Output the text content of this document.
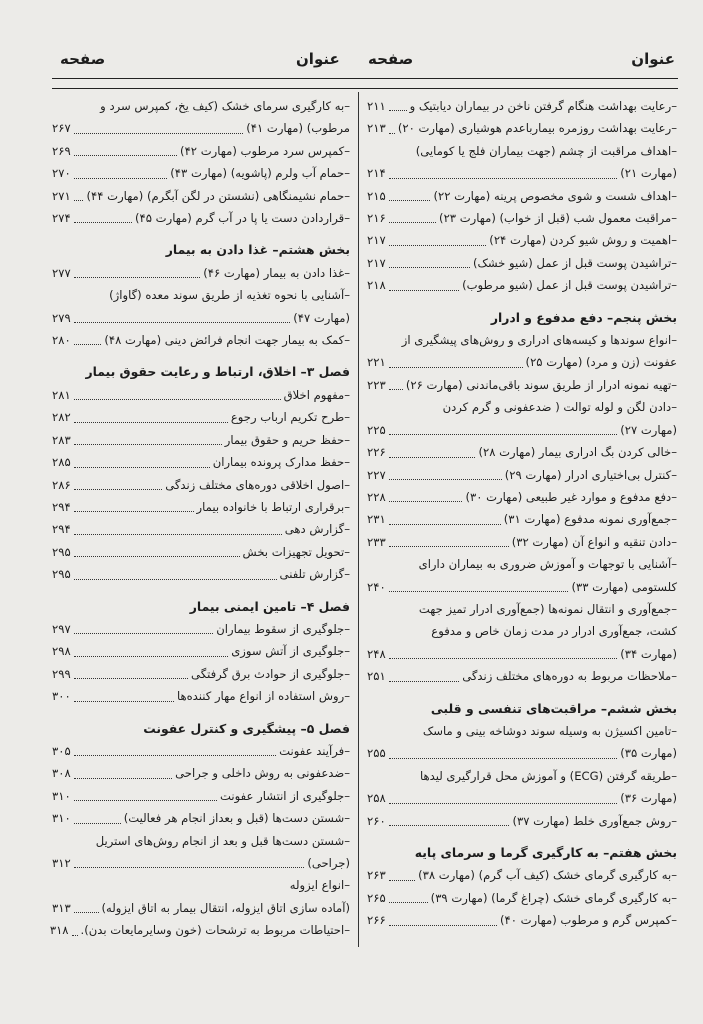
عنوان
صفحه
عنوان
صفحه
–رعایت بهداشت هنگام گرفتن ناخن در بیماران دیابتیک و
۲۱۱
–رعایت بهداشت روزمره بیمارباعدم هوشیاری (مهارت ۲۰)
۲۱۳
–اهداف مراقبت از چشم (جهت بیماران فلج یا کومایی)
(مهارت ۲۱)
۲۱۴
–اهداف شست و شوی مخصوص پرینه (مهارت ۲۲)
۲۱۵
–مراقبت معمول شب (قبل از خواب) (مهارت ۲۳)
۲۱۶
–اهمیت و روش شیو کردن (مهارت ۲۴)
۲۱۷
–تراشیدن پوست قبل از عمل (شیو خشک)
۲۱۷
–تراشیدن پوست قبل از عمل (شیو مرطوب)
۲۱۸
بخش پنجم– دفع مدفوع و ادرار
–انواع سوندها و کیسه‌های ادراری و روش‌های پیشگیری از
عفونت (زن و مرد) (مهارت ۲۵)
۲۲۱
–تهیه نمونه ادرار از طریق سوند باقی‌ماندنی (مهارت ۲۶)
۲۲۳
–دادن لگن و لوله توالت ( ضدعفونی و گرم کردن
(مهارت ۲۷)
۲۲۵
–خالی کردن بگ ادراری بیمار (مهارت ۲۸)
۲۲۶
–کنترل بی‌اختیاری ادرار (مهارت ۲۹)
۲۲۷
–دفع مدفوع و موارد غیر طبیعی (مهارت ۳۰)
۲۲۸
–جمع‌آوری نمونه مدفوع (مهارت ۳۱)
۲۳۱
–دادن تنقیه و انواع آن (مهارت ۳۲)
۲۳۳
–آشنایی با توجهات و آموزش ضروری به بیماران دارای
کلستومی (مهارت ۳۳)
۲۴۰
–جمع‌آوری و انتقال نمونه‌ها (جمع‌آوری ادرار تمیز جهت
کشت، جمع‌آوری ادرار در مدت زمان خاص و مدفوع
(مهارت ۳۴)
۲۴۸
–ملاحظات مربوط به دوره‌های مختلف زندگی
۲۵۱
بخش ششم– مراقبت‌های تنفسی و قلبی
–تامین اکسیژن به وسیله سوند دوشاخه بینی و ماسک
(مهارت ۳۵)
۲۵۵
–طریقه گرفتن (ECG) و آموزش محل قرارگیری لیدها
(مهارت ۳۶)
۲۵۸
–روش جمع‌آوری خلط (مهارت ۳۷)
۲۶۰
بخش هفتم– به کارگیری گرما و سرمای پایه
–به کارگیری گرمای خشک (کیف آب گرم) (مهارت ۳۸)
۲۶۳
–به کارگیری گرمای خشک (چراغ گرما) (مهارت ۳۹)
۲۶۵
–کمپرس گرم و مرطوب (مهارت ۴۰)
۲۶۶
–به کارگیری سرمای خشک (کیف یخ، کمپرس سرد و
مرطوب) (مهارت ۴۱)
۲۶۷
–کمپرس سرد مرطوب (مهارت ۴۲)
۲۶۹
–حمام آب ولرم (پاشویه) (مهارت ۴۳)
۲۷۰
–حمام نشیمنگاهی (نشستن در لگن آبگرم) (مهارت ۴۴)
۲۷۱
–قراردادن دست یا پا در آب گرم (مهارت ۴۵)
۲۷۴
بخش هشتم– غذا دادن به بیمار
–غذا دادن به بیمار (مهارت ۴۶)
۲۷۷
–آشنایی با نحوه تغذیه از طریق سوند معده (گاواژ)
(مهارت ۴۷)
۲۷۹
–کمک به بیمار جهت انجام فرائض دینی (مهارت ۴۸)
۲۸۰
فصل ۳– اخلاق، ارتباط و رعایت حقوق بیمار
–مفهوم اخلاق
۲۸۱
–طرح تکریم ارباب رجوع
۲۸۲
–حفظ حریم و حقوق بیمار
۲۸۳
–حفظ مدارک پرونده بیماران
۲۸۵
–اصول اخلاقی دوره‌های مختلف زندگی
۲۸۶
–برقراری ارتباط با خانواده بیمار
۲۹۴
–گزارش دهی
۲۹۴
–تحویل تجهیزات بخش
۲۹۵
–گزارش تلفنی
۲۹۵
فصل ۴– تامین ایمنی بیمار
–جلوگیری از سقوط بیماران
۲۹۷
–جلوگیری از آتش سوزی
۲۹۸
–جلوگیری از حوادث برق گرفتگی
۲۹۹
–روش استفاده از انواع مهار کننده‌ها
۳۰۰
فصل ۵– پیشگیری و کنترل عفونت
–فرآیند عفونت
۳۰۵
–ضدعفونی به روش داخلی و جراحی
۳۰۸
–جلوگیری از انتشار عفونت
۳۱۰
–شستن دست‌ها (قبل و بعداز انجام هر فعالیت)
۳۱۰
–شستن دست‌ها قبل و بعد از انجام روش‌های استریل
(جراحی)
۳۱۲
–انواع ایزوله
(آماده سازی اتاق ایزوله، انتقال بیمار به اتاق ایزوله)
۳۱۳
–احتیاطات مربوط به ترشحات (خون وسایرمایعات بدن).
۳۱۸
